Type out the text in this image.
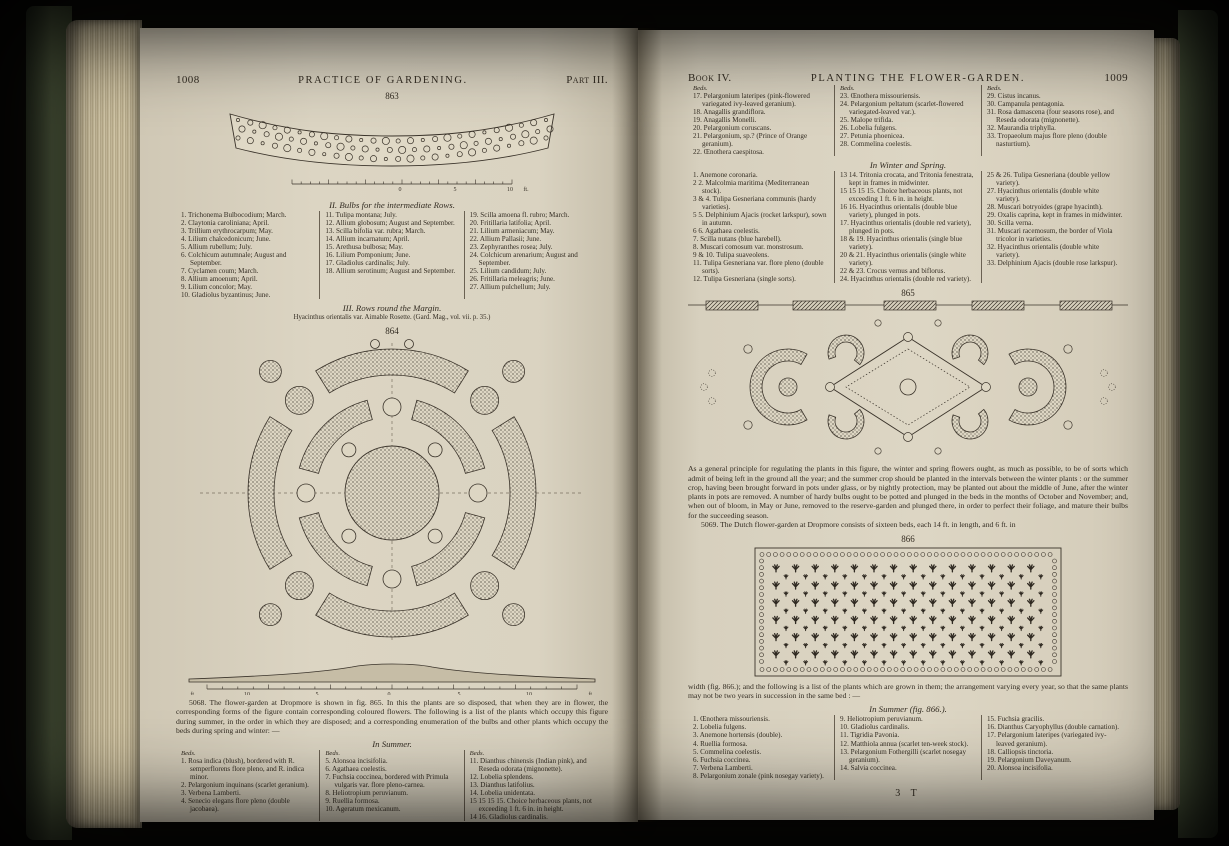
1008	PRACTICE OF GARDENING.	Part III.
863
0	5	10 ft.
II. Bulbs for the intermediate Rows.
1. Trichonema Bulbocodium; March.
2. Claytonia caroliniana; April.
3. Trillium erythrocarpum; May.
4. Lilium chalcedonicum; June.
5. Allium rubellum; July.
6. Colchicum autumnale; August and September.
7. Cyclamen coum; March.
8. Allium amoenum; April.
9. Lilium concolor; May.
10. Gladiolus byzantinus; June.
11. Tulipa montana; July.
12. Allium globosum; August and September.
13. Scilla bifolia var. rubra; March.
14. Allium incarnatum; April.
15. Arethusa bulbosa; May.
16. Lilium Pomponium; June.
17. Gladiolus cardinalis; July.
18. Allium serotinum; August and September.
19. Scilla amoena fl. rubro; March.
20. Fritillaria latifolia; April.
21. Lilium armeniacum; May.
22. Allium Pallasii; June.
23. Zephyranthes rosea; July.
24. Colchicum arenarium; August and September.
25. Lilium candidum; July.
26. Fritillaria meleagris; June.
27. Allium pulchellum; July.
III. Rows round the Margin.
Hyacinthus orientalis var. Aimable Rosette. (Gard. Mag., vol. vii. p. 35.)
864
ft.	10	5	0	5	10	ft.
5068. The flower-garden at Dropmore is shown in fig. 865. In this the plants are so disposed, that when they are in flower, the corresponding forms of the figure contain corresponding coloured flowers. The following is a list of the plants which occupy this figure during summer, in the order in which they are disposed; and a corresponding enumeration of the bulbs and other plants which occupy the beds during spring and winter: —
In Summer.
Beds.
1. Rosa indica (blush), bordered with R. semperflorens flore pleno, and R. indica minor.
2. Pelargonium inquinans (scarlet geranium).
3. Verbena Lamberti.
4. Senecio elegans flore pleno (double jacobaea).
Beds.
5. Alonsoa incisifolia.
6. Agathaea coelestis.
7. Fuchsia coccinea, bordered with Primula vulgaris var. flore pleno-carnea.
8. Heliotropium peruvianum.
9. Ruellia formosa.
10. Ageratum mexicanum.
Beds.
11. Dianthus chinensis (Indian pink), and Reseda odorata (mignonette).
12. Lobelia splendens.
13. Dianthus latifolius.
14. Lobelia unidentata.
15 15 15 15. Choice herbaceous plants, not exceeding 1 ft. 6 in. in height.
14 16. Gladiolus cardinalis.
Book IV.	PLANTING THE FLOWER-GARDEN.	1009
Beds.
17. Pelargonium lateripes (pink-flowered variegated ivy-leaved geranium).
18. Anagallis grandiflora.
19. Anagallis Monelli.
20. Pelargonium coruscans.
21. Pelargonium, sp.? (Prince of Orange geranium).
22. Œnothera caespitosa.
Beds.
23. Œnothera missouriensis.
24. Pelargonium peltatum (scarlet-flowered variegated-leaved var.).
25. Malope trifida.
26. Lobelia fulgens.
27. Petunia phoenicea.
28. Commelina coelestis.
Beds.
29. Cistus incanus.
30. Campanula pentagonia.
31. Rosa damascena (four seasons rose), and Reseda odorata (mignonette).
32. Maurandia triphylla.
33. Tropaeolum majus flore pleno (double nasturtium).
In Winter and Spring.
1. Anemone coronaria.
2 2. Malcolmia maritima (Mediterranean stock).
3 & 4. Tulipa Gesneriana communis (hardy varieties).
5 5. Delphinium Ajacis (rocket larkspur), sown in autumn.
6 6. Agathaea coelestis.
7. Scilla nutans (blue harebell).
8. Muscari comosum var. monstrosum.
9 & 10. Tulipa suaveolens.
11. Tulipa Gesneriana var. flore pleno (double sorts).
12. Tulipa Gesneriana (single sorts).
13 14. Tritonia crocata, and Tritonia fenestrata, kept in frames in midwinter.
15 15 15 15. Choice herbaceous plants, not exceeding 1 ft. 6 in. in height.
16 16. Hyacinthus orientalis (double blue variety), plunged in pots.
17. Hyacinthus orientalis (double red variety), plunged in pots.
18 & 19. Hyacinthus orientalis (single blue variety).
20 & 21. Hyacinthus orientalis (single white variety).
22 & 23. Crocus vernus and biflorus.
24. Hyacinthus orientalis (double red variety).
25 & 26. Tulipa Gesneriana (double yellow variety).
27. Hyacinthus orientalis (double white variety).
28. Muscari botryoides (grape hyacinth).
29. Oxalis caprina, kept in frames in midwinter.
30. Scilla verna.
31. Muscari racemosum, the border of Viola tricolor in varieties.
32. Hyacinthus orientalis (double white variety).
33. Delphinium Ajacis (double rose larkspur).
865
As a general principle for regulating the plants in this figure, the winter and spring flowers ought, as much as possible, to be of sorts which admit of being left in the ground all the year; and the summer crop should be planted in the intervals between the winter plants : or the summer crop, having been brought forward in pots under glass, or by nightly protection, may be planted out about the middle of June, after the winter plants in pots are removed. A number of hardy bulbs ought to be potted and plunged in the beds in the months of October and November; and, when out of bloom, in May or June, removed to the reserve-garden and plunged there, in order to perfect their foliage, and mature their bulbs for the succeeding season.
5069. The Dutch flower-garden at Dropmore consists of sixteen beds, each 14 ft. in length, and 6 ft. in
866
width (fig. 866.); and the following is a list of the plants which are grown in them; the arrangement varying every year, so that the same plants may not be two years in succession in the same bed : —
In Summer (fig. 866.).
1. Œnothera missouriensis.
2. Lobelia fulgens.
3. Anemone hortensis (double).
4. Ruellia formosa.
5. Commelina coelestis.
6. Fuchsia coccinea.
7. Verbena Lamberti.
8. Pelargonium zonale (pink nosegay variety).
9. Heliotropium peruvianum.
10. Gladiolus cardinalis.
11. Tigridia Pavonia.
12. Matthiola annua (scarlet ten-week stock).
13. Pelargonium Fothergilli (scarlet nosegay geranium).
14. Salvia coccinea.
15. Fuchsia gracilis.
16. Dianthus Caryophyllus (double carnation).
17. Pelargonium lateripes (variegated ivy-leaved geranium).
18. Calliopsis tinctoria.
19. Pelargonium Daveyanum.
20. Alonsoa incisifolia.
3 T
